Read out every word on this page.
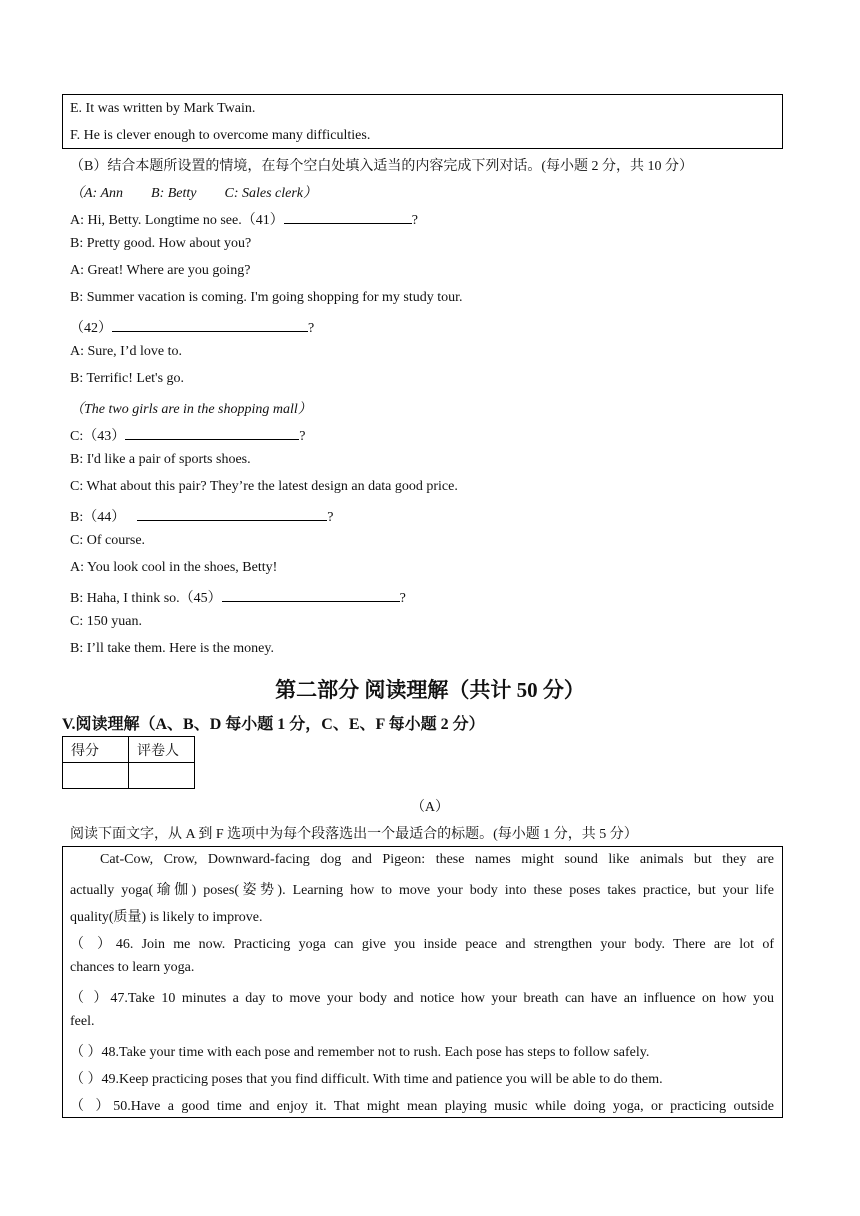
E. It was written by Mark Twain.
F. He is clever enough to overcome many difficulties.
（B）结合本题所设置的情境，在每个空白处填入适当的内容完成下列对话。(每小题 2 分，共 10 分）
（A: Ann        B: Betty        C: Sales clerk）
A: Hi, Betty. Longtime no see.（41）	?
B: Pretty good. How about you?
A: Great! Where are you going?
B: Summer vacation is coming. I'm going shopping for my study tour.
（42）	?
A: Sure, I’d love to.
B: Terrific! Let's go.
（The two girls are in the shopping mall）
C:（43）	?
B: I'd like a pair of sports shoes.
C: What about this pair? They’re the latest design an data good price.
B:（44）	?
C: Of course.
A: You look cool in the shoes, Betty!
B: Haha, I think so.（45）	?
C: 150 yuan.
B: I’ll take them. Here is the money.
第二部分 阅读理解（共计 50 分）
V.阅读理解（A、B、D 每小题 1 分，C、E、F 每小题 2 分）
得分	评卷人

（A）
阅读下面文字，从 A 到 F 选项中为每个段落选出一个最适合的标题。(每小题 1 分，共 5 分）
Cat-Cow, Crow, Downward-facing dog and Pigeon: these names might sound like animals but they are
actually yoga(瑜伽) poses(姿势). Learning how to move your body into these poses takes practice, but your life
quality(质量) is likely to improve.
（ ）46. Join me now. Practicing yoga can give you inside peace and strengthen your body. There are lot of
chances to learn yoga.
（ ）47.Take 10 minutes a day to move your body and notice how your breath can have an influence on how you
feel.
（ ）48.Take your time with each pose and remember not to rush. Each pose has steps to follow safely.
（ ）49.Keep practicing poses that you find difficult. With time and patience you will be able to do them.
（ ）50.Have a good time and enjoy it. That might mean playing music while doing yoga, or practicing outside
